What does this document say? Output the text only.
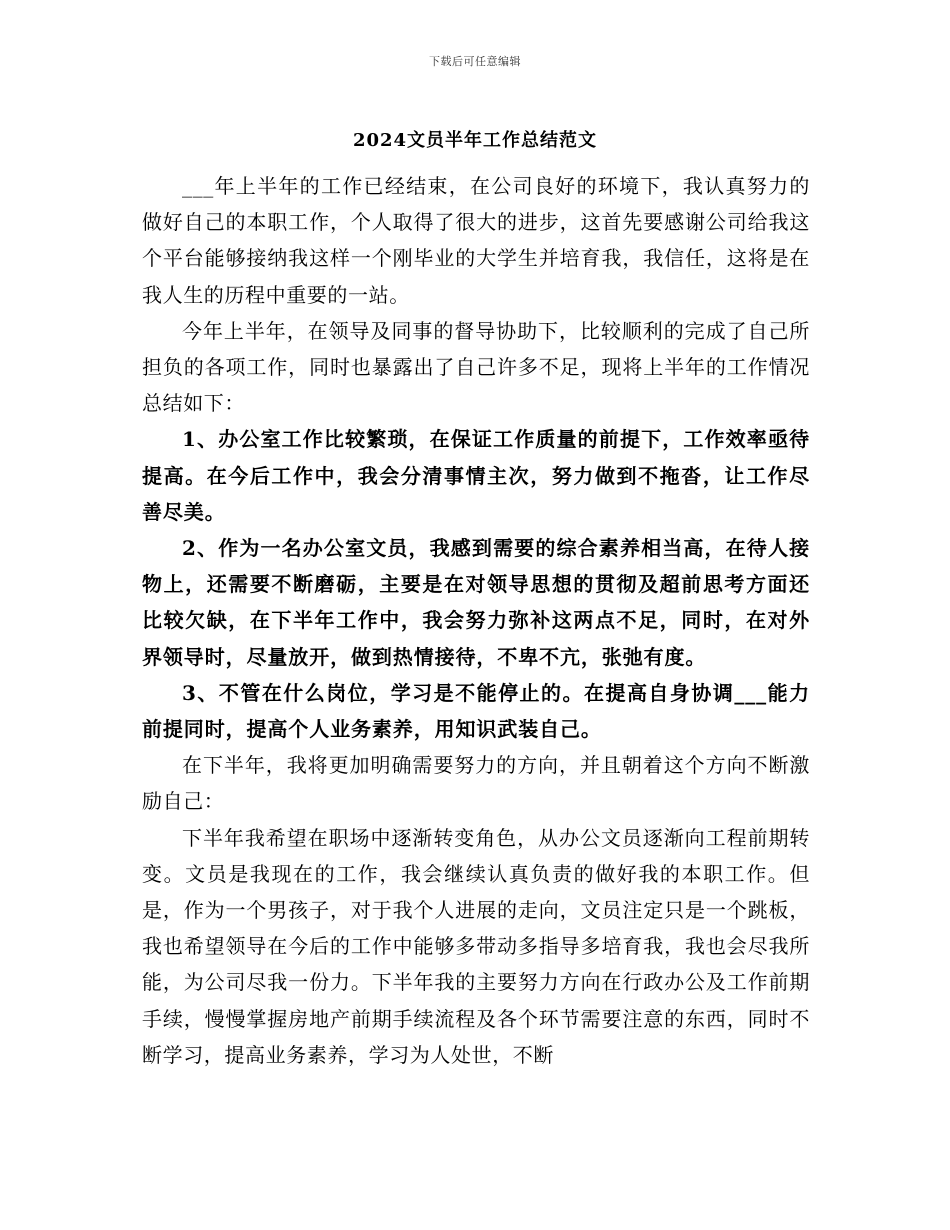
下载后可任意编辑
2024文员半年工作总结范文

___年上半年的工作已经结束，在公司良好的环境下，我认真努力的做好自己的本职工作，个人取得了很大的进步，这首先要感谢公司给我这个平台能够接纳我这样一个刚毕业的大学生并培育我，我信任，这将是在我人生的历程中重要的一站。

今年上半年，在领导及同事的督导协助下，比较顺利的完成了自己所担负的各项工作，同时也暴露出了自己许多不足，现将上半年的工作情况总结如下：

1、办公室工作比较繁琐，在保证工作质量的前提下，工作效率亟待提高。在今后工作中，我会分清事情主次，努力做到不拖沓，让工作尽善尽美。

2、作为一名办公室文员，我感到需要的综合素养相当高，在待人接物上，还需要不断磨砺，主要是在对领导思想的贯彻及超前思考方面还比较欠缺，在下半年工作中，我会努力弥补这两点不足，同时，在对外界领导时，尽量放开，做到热情接待，不卑不亢，张弛有度。

3、不管在什么岗位，学习是不能停止的。在提高自身协调___能力前提同时，提高个人业务素养，用知识武装自己。

在下半年，我将更加明确需要努力的方向，并且朝着这个方向不断激励自己：

下半年我希望在职场中逐渐转变角色，从办公文员逐渐向工程前期转变。文员是我现在的工作，我会继续认真负责的做好我的本职工作。但是，作为一个男孩子，对于我个人进展的走向，文员注定只是一个跳板，我也希望领导在今后的工作中能够多带动多指导多培育我，我也会尽我所能，为公司尽我一份力。下半年我的主要努力方向在行政办公及工作前期手续，慢慢掌握房地产前期手续流程及各个环节需要注意的东西，同时不断学习，提高业务素养，学习为人处世，不断
